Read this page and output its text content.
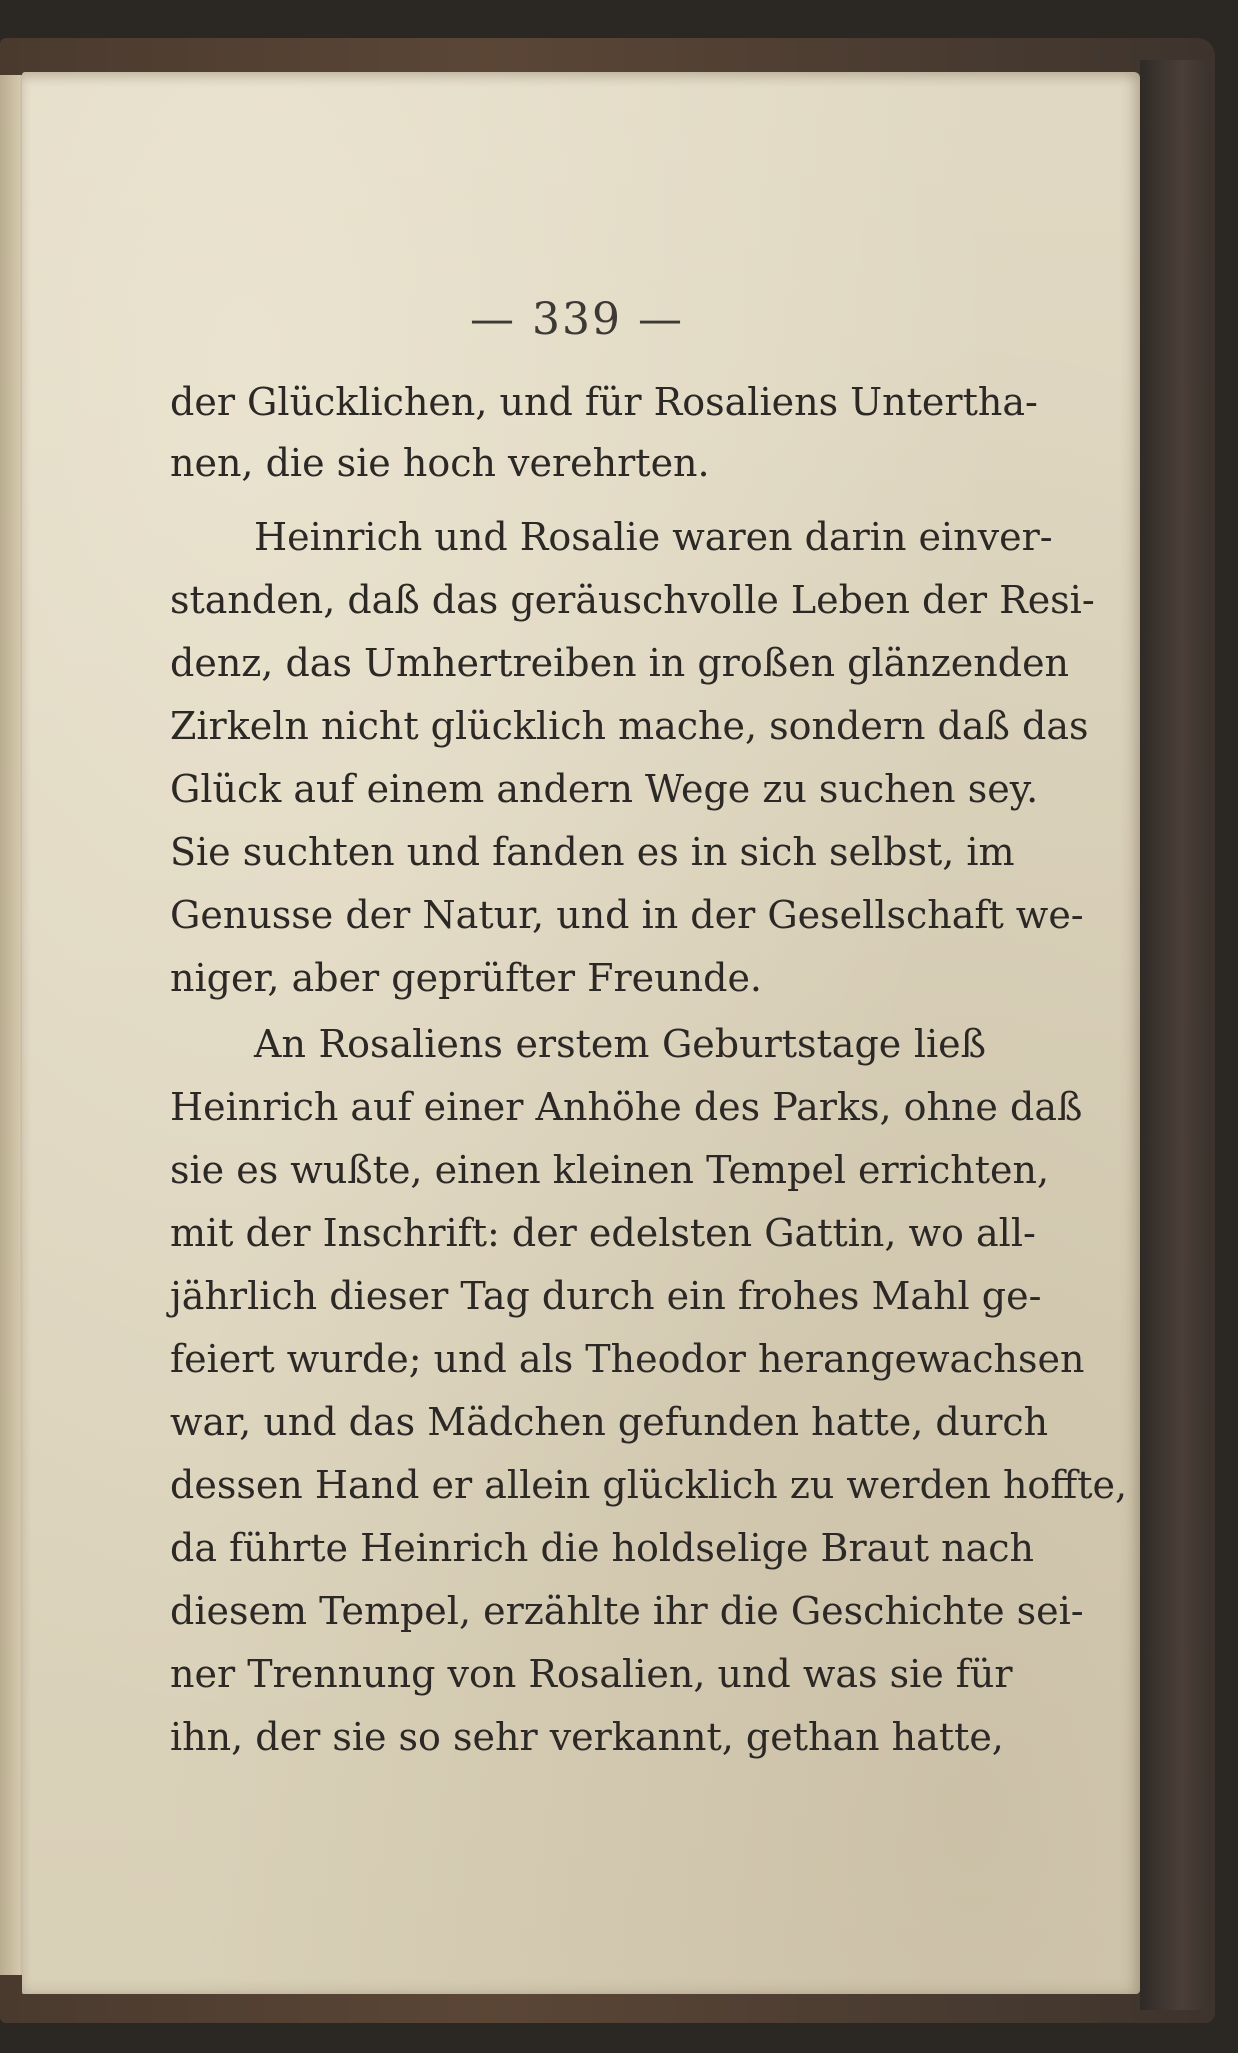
— 339 —
der Glücklichen, und für Rosaliens Untertha-
nen, die sie hoch verehrten.
Heinrich und Rosalie waren darin einver-
standen, daß das geräuschvolle Leben der Resi-
denz, das Umhertreiben in großen glänzenden
Zirkeln nicht glücklich mache, sondern daß das
Glück auf einem andern Wege zu suchen sey.
Sie suchten und fanden es in sich selbst, im
Genusse der Natur, und in der Gesellschaft we-
niger, aber geprüfter Freunde.
An Rosaliens erstem Geburtstage ließ
Heinrich auf einer Anhöhe des Parks, ohne daß
sie es wußte, einen kleinen Tempel errichten,
mit der Inschrift: der edelsten Gattin, wo all-
jährlich dieser Tag durch ein frohes Mahl ge-
feiert wurde; und als Theodor herangewachsen
war, und das Mädchen gefunden hatte, durch
dessen Hand er allein glücklich zu werden hoffte,
da führte Heinrich die holdselige Braut nach
diesem Tempel, erzählte ihr die Geschichte sei-
ner Trennung von Rosalien, und was sie für
ihn, der sie so sehr verkannt, gethan hatte,
